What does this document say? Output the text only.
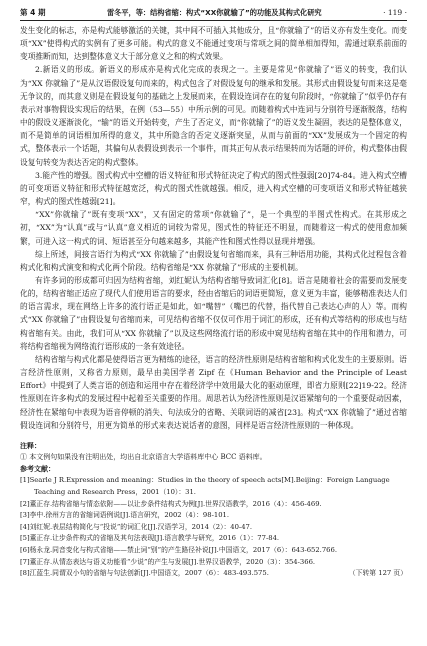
第 4 期	雷冬平，等：结构省缩：构式“XX你就输了”的功能及其构式化研究	· 119 ·

发生变化的标志，亦是构式能够激活的关键，其中间不可插入其他成分，且“你就输了”的语义亦有发生变化。而变项“XX”使得构式的实例有了更多可能。构式的意义不能通过变项与常项之间的简单相加得知，需通过联系前面的变项推断而知，达到整体意义大于部分意义之和的构式效果。

2.新语义的形成。新语义的形成亦是构式化完成的表现之一。主要是常见“你就输了”语义的转变，我们认为“XX 你就输了”是从汉语假设复句而来的，构式包含了对假设复句的继承和发展。其形式由假设复句而来这是毫无争议的，而其意义则是在假设复句的基础之上发展而来，在假设连词存在的复句阶段时，“你就输了”似乎仍存有表示对事物假设实现后的结果，在例（53—55）中所示例的可见。而随着构式中连词与分别符号逐渐脱落，结构中的假设义逐渐淡化，“输”的语义开始转变，产生了否定义，而“你就输了”的语义发生凝固，表达的是整体意义，而不是简单的词语相加所得的意义，其中所隐含的否定义逐渐突显，从而与前面的“XX”发展成为一个固定的构式，整体表示一个话题，其偏句从表假设到表示一个事件，而其正句从表示结果转而为话题的评价，构式整体由假设复句转变为表达否定的构式整体。

3.能产性的增强。图式构式中空槽的语义特征和形式特征决定了构式的图式性强弱[20]74-84。进入构式空槽的可变项语义特征和形式特征越宽泛，构式的图式性就越强。相反，进入构式空槽的可变项语义和形式特征越狭窄，构式的图式性越弱[21]。

“XX”你就输了”既有变项“XX”，又有固定的常项“你就输了”，是一个典型的半图式性构式。在其形成之初，“XX”为“认真”或与“认真”意义相近的词较为常见，图式性的特征还不明显，而随着这一构式的使用愈加频繁，可进入这一构式的词、短语甚至分句越来越多，其能产性和图式性得以显现并增强。

综上所述，间接言语行为构式“XX 你就输了”由假设复句省缩而来，具有三种语用功能，其构式化过程包含着构式化和构式演变和构式化两个阶段。结构省缩是“XX 你就输了”形成的主要机制。

有许多词的形成都可归因为结构省缩，刘红妮认为结构省缩导致词汇化[8]。语言是随着社会的需要而发展变化的，结构省缩正适应了现代人们使用语言的要求，经由省缩后的词语更简短，意义更为丰富，能够精准表达人们的语言需求，现在网络上许多的流行语正是如此，如“嘴替”（嘴巴的代替，指代替自己表达心声的人）等。而构式“XX 你就输了”由假设复句省缩而来，可见结构省缩不仅仅可作用于词汇的形成，还有构式等结构的形成也与结构省缩有关。由此，我们可从“XX 你就输了”以及这些网络流行语的形成中窥见结构省缩在其中的作用和潜力，可将结构省缩视为网络流行语形成的一条有效途径。

结构省缩与构式化都是使得语言更为精练的途径，语言的经济性原则是结构省缩和构式化发生的主要原则。语言经济性原则，又称省力原则，最早由美国学者 Zipf 在《Human Behavior and the Principle of Least Effort》中提到了人类言语的创造和运用中存在着经济学中效用最大化的驱动原理，即省力原则[22]19-22。经济性原则在许多构式的发展过程中起着至关重要的作用。周思若认为经济性原则是汉语紧缩句的一个重要促动因素，经济性在紧缩句中表现为语音停顿的消失、句法成分的省略、关联词语的减省[23]。构式“XX 你就输了”通过省缩假设连词和分别符号，用更为简单的形式来表达说话者的意图，同样是语言经济性原则的一种体现。

注释：

① 本文例句如果没有注明出处，均出自北京语言大学语料库中心 BCC 语料库。

参考文献：
[1]Searle J R.Expression and meaning：Studies in the theory of speech acts[M].Beijing：Foreign Language Teaching and Research Press，2001（10）：31.
[2]董正存.结构省缩与情态依附——以让步条件结构式为例[J].世界汉语教学，2016（4）：456-469.
[3]李中.徐州方言的省缩词语例说[J].语言研究，2002（4）：98-101.
[4]刘红妮.表层结构简化与“投说”的词汇化[J].汉语学习，2014（2）：40-47.
[5]董正存.让步条件构式的省缩及其句法表现[J].语言教学与研究，2016（1）：77-84.
[6]杨永龙.同音变化与构式省缩——禁止词“别”的产生路径补说[J].中国语文，2017（6）：643-652.766.
[7]董正存.从情态表达与语义功能看“少说”的产生与发展[J].世界汉语教学，2020（3）：354-366.
[8]江蓝生.同谓双小句的省缩与句法创新[J].中国语文，2007（6）：483-493.575.	（下转第 127 页）
